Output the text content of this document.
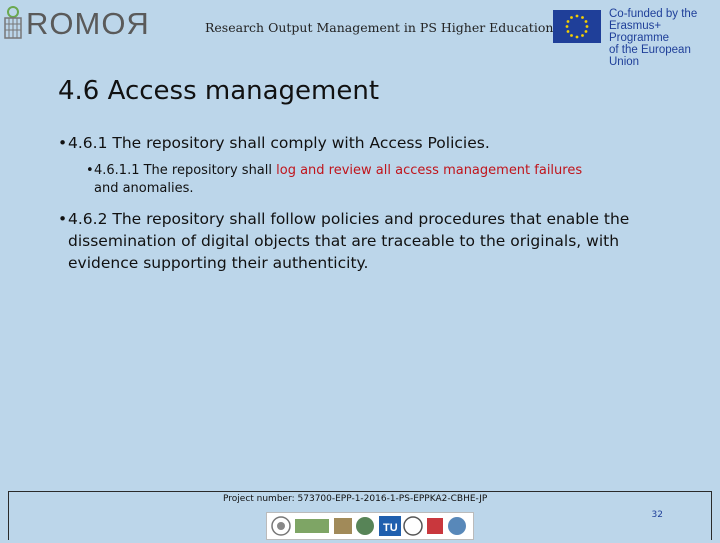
ROMOЯ	Research Output Management in PS Higher Education
Co-funded by the
Erasmus+ Programme
of the European Union
4.6 Access management
• 4.6.1 The repository shall comply with Access Policies.
• 4.6.1.1 The repository shall log and review all access management failures
and anomalies.
• 4.6.2 The repository shall follow policies and procedures that enable the dissemination of digital objects that are traceable to the originals, with evidence supporting their authenticity.
Project number: 573700-EPP-1-2016-1-PS-EPPKA2-CBHE-JP
TU
32
